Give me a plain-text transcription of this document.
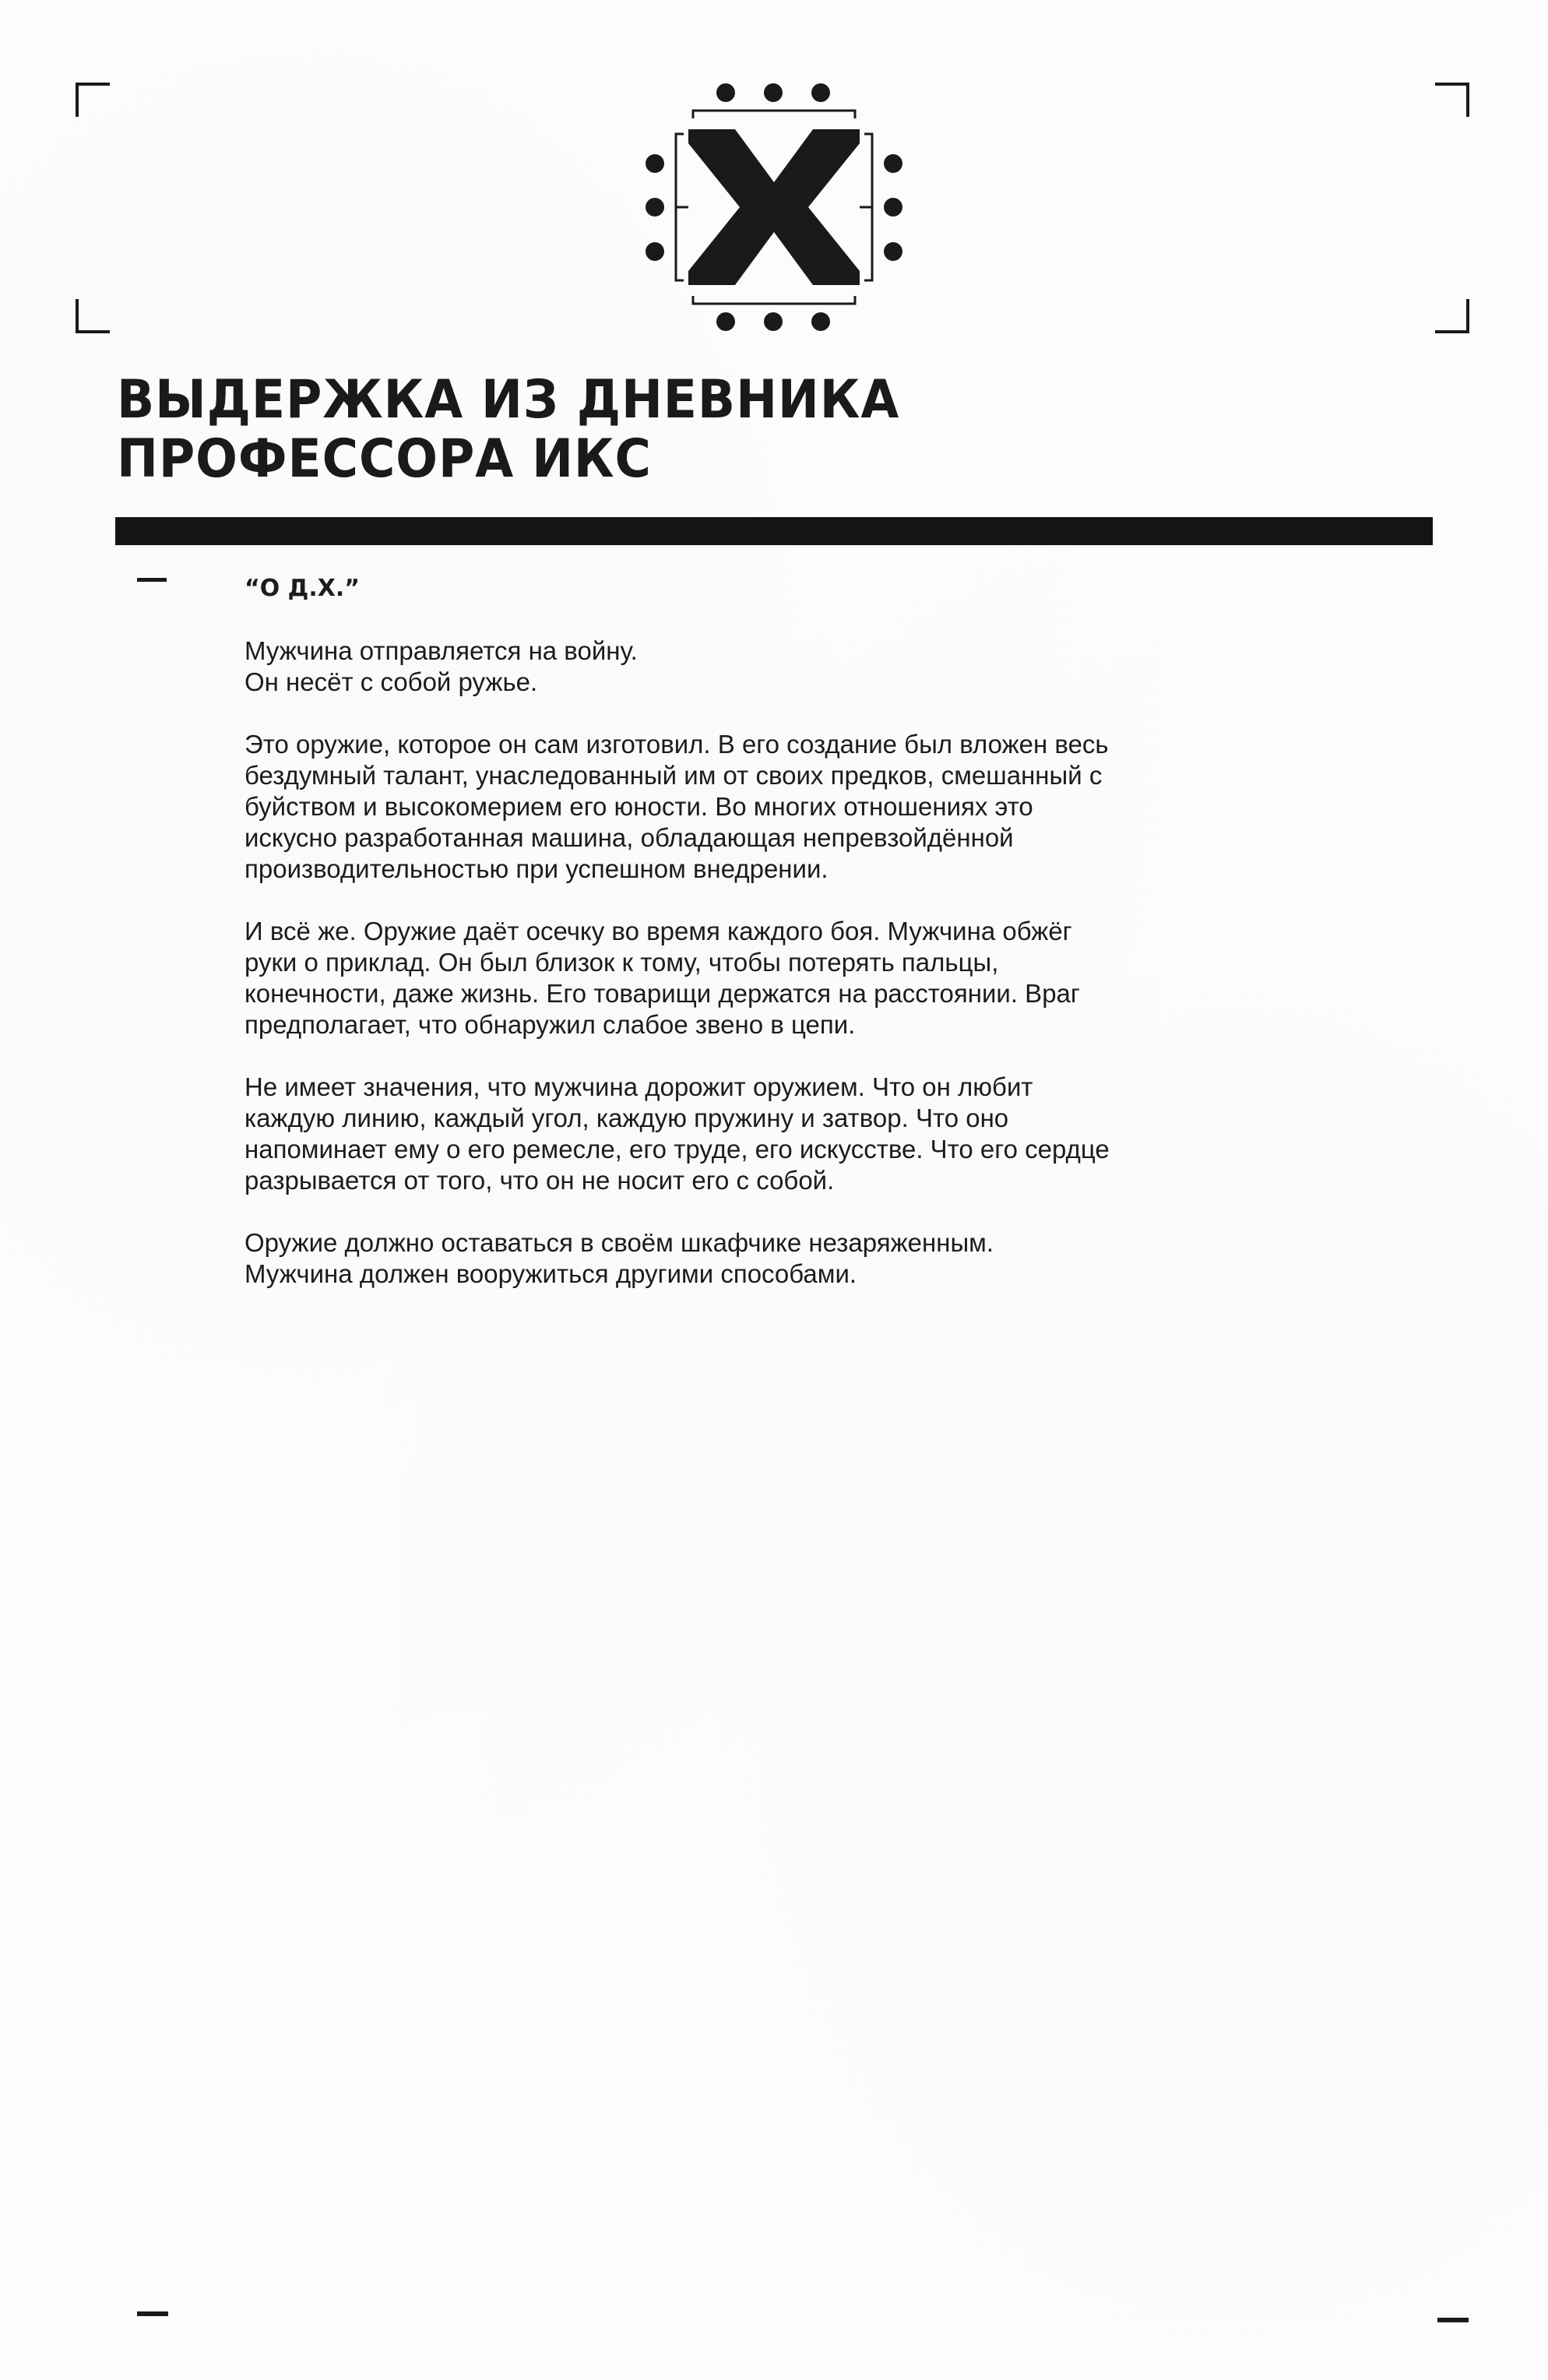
ВЫДЕРЖКА ИЗ ДНЕВНИКА
ПРОФЕССОРА ИКС
“О Д.Х.”
Мужчина отправляется на войну.
Он несёт с собой ружье.
Это оружие, которое он сам изготовил. В его создание был вложен весь
бездумный талант, унаследованный им от своих предков, смешанный с
буйством и высокомерием его юности. Во многих отношениях это
искусно разработанная машина, обладающая непревзойдённой
производительностью при успешном внедрении.
И всё же. Оружие даёт осечку во время каждого боя. Мужчина обжёг
руки о приклад. Он был близок к тому, чтобы потерять пальцы,
конечности, даже жизнь. Его товарищи держатся на расстоянии. Враг
предполагает, что обнаружил слабое звено в цепи.
Не имеет значения, что мужчина дорожит оружием. Что он любит
каждую линию, каждый угол, каждую пружину и затвор. Что оно
напоминает ему о его ремесле, его труде, его искусстве. Что его сердце
разрывается от того, что он не носит его с собой.
Оружие должно оставаться в своём шкафчике незаряженным.
Мужчина должен вооружиться другими способами.
